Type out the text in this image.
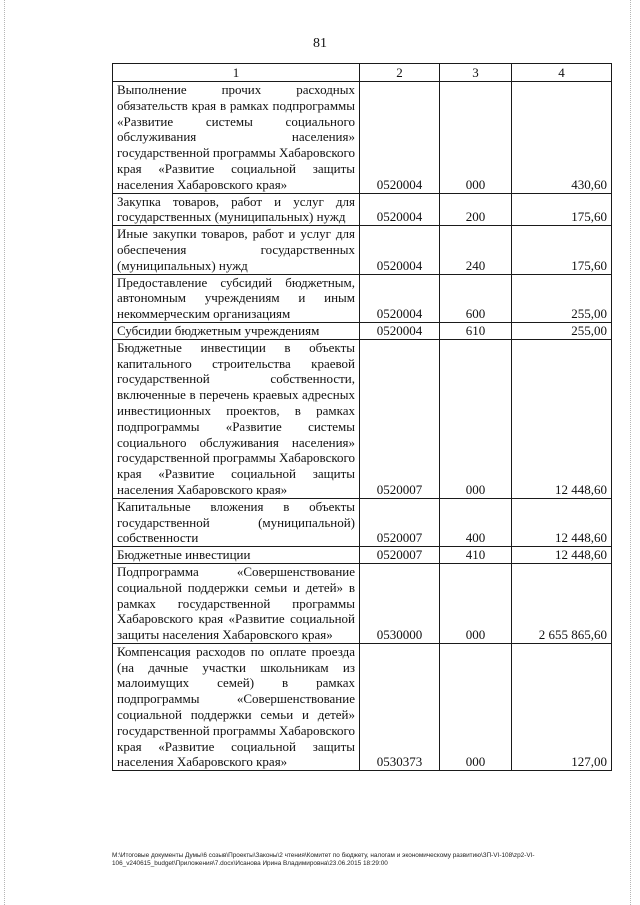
81
1	2	3	4
Выполнение прочих расходных обязательств края в рамках подпрограммы «Развитие системы социального обслуживания населения» государственной программы Хабаровского края «Развитие социальной защиты населения Хабаровского края»	0520004	000	430,60
Закупка товаров, работ и услуг для государственных (муниципальных) нужд	0520004	200	175,60
Иные закупки товаров, работ и услуг для обеспечения государственных (муниципальных) нужд	0520004	240	175,60
Предоставление субсидий бюджетным, автономным учреждениям и иным некоммерческим организациям	0520004	600	255,00
Субсидии бюджетным учреждениям	0520004	610	255,00
Бюджетные инвестиции в объекты капитального строительства краевой государственной собственности, включенные в перечень краевых адресных инвестиционных проектов, в рамках подпрограммы «Развитие системы социального обслуживания населения» государственной программы Хабаровского края «Развитие социальной защиты населения Хабаровского края»	0520007	000	12 448,60
Капитальные вложения в объекты государственной (муниципальной) собственности	0520007	400	12 448,60
Бюджетные инвестиции	0520007	410	12 448,60
Подпрограмма «Совершенствование социальной поддержки семьи и детей» в рамках государственной программы Хабаровского края «Развитие социальной защиты населения Хабаровского края»	0530000	000	2 655 865,60
Компенсация расходов по оплате проезда (на дачные участки школьникам из малоимущих семей) в рамках подпрограммы «Совершенствование социальной поддержки семьи и детей» государственной программы Хабаровского края «Развитие социальной защиты населения Хабаровского края»	0530373	000	127,00
M:\Итоговые документы Думы\6 созыв\Проекты\Законы\2 чтения\Комитет по бюджету, налогам и экономическому развитию\ЗП-VI-108\zp2-VI-106_v240615_budget\Приложения\7.docx\Исанова Ирина Владимировна\23.06.2015 18:29:00
